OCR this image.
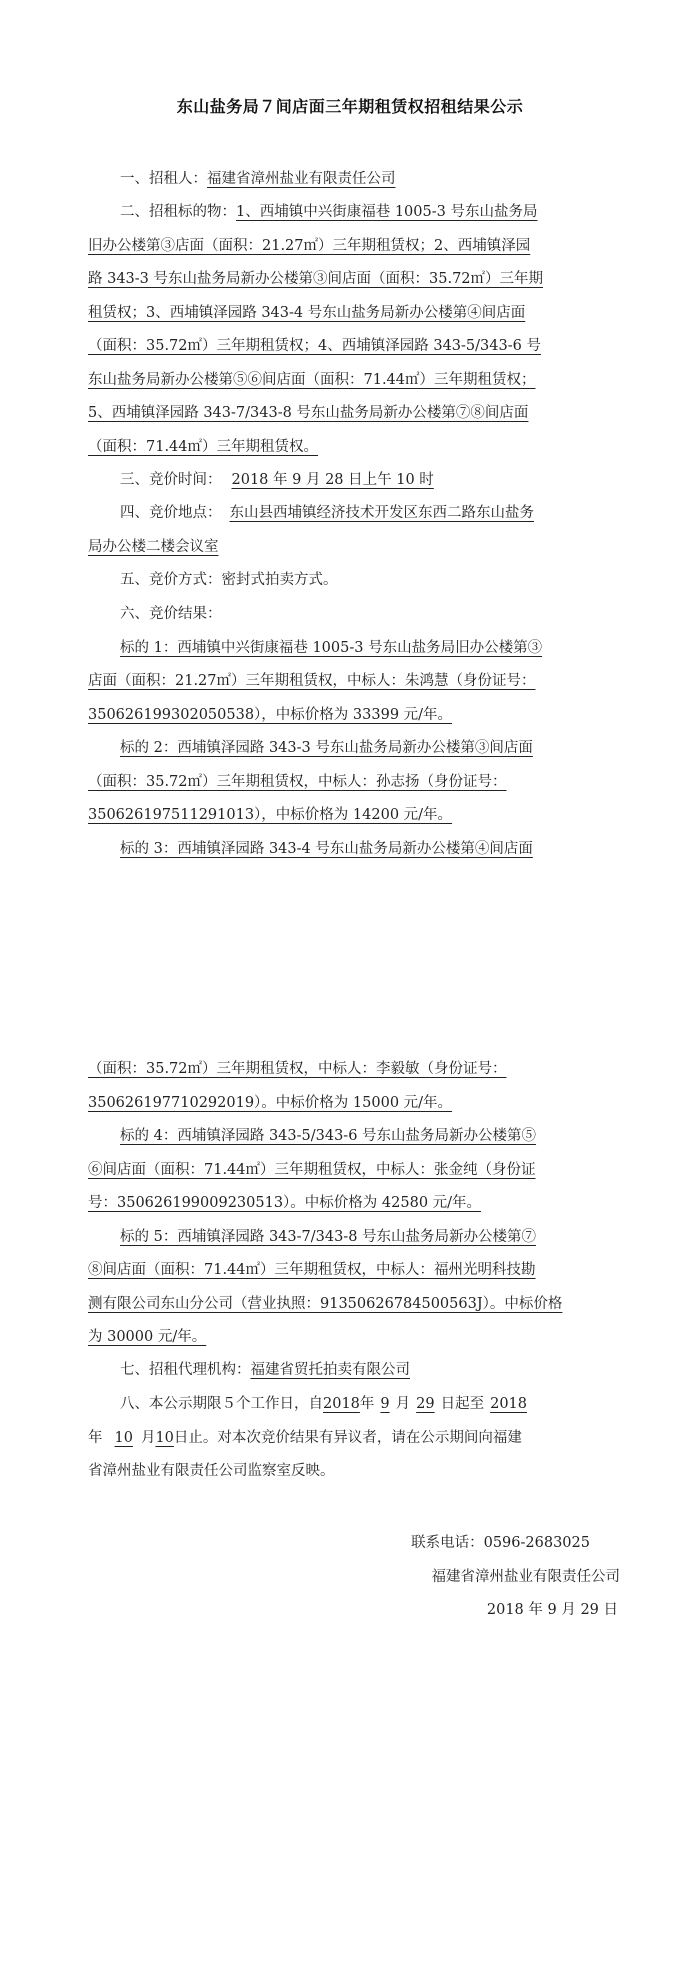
东山盐务局７间店面三年期租赁权招租结果公示
一、招租人：福建省漳州盐业有限责任公司
二、招租标的物：1、西埔镇中兴街康福巷 1005-3 号东山盐务局
旧办公楼第③店面（面积：21.27㎡）三年期租赁权；2、西埔镇泽园
路 343-3 号东山盐务局新办公楼第③间店面（面积：35.72㎡）三年期
租赁权；3、西埔镇泽园路 343-4 号东山盐务局新办公楼第④间店面
（面积：35.72㎡）三年期租赁权；4、西埔镇泽园路 343-5/343-6 号
东山盐务局新办公楼第⑤⑥间店面（面积：71.44㎡）三年期租赁权；
5、西埔镇泽园路 343-7/343-8 号东山盐务局新办公楼第⑦⑧间店面
（面积：71.44㎡）三年期租赁权。
三、竞价时间： 2018 年 9 月 28 日上午 10 时
四、竞价地点： 东山县西埔镇经济技术开发区东西二路东山盐务
局办公楼二楼会议室
五、竞价方式：密封式拍卖方式。
六、竞价结果：
标的 1：西埔镇中兴街康福巷 1005-3 号东山盐务局旧办公楼第③
店面（面积：21.27㎡）三年期租赁权，中标人：朱鸿慧（身份证号：
350626199302050538），中标价格为 33399 元/年。
标的 2：西埔镇泽园路 343-3 号东山盐务局新办公楼第③间店面
（面积：35.72㎡）三年期租赁权，中标人：孙志扬（身份证号：
350626197511291013），中标价格为 14200 元/年。
标的 3：西埔镇泽园路 343-4 号东山盐务局新办公楼第④间店面
（面积：35.72㎡）三年期租赁权，中标人：李毅敏（身份证号：
350626197710292019）。中标价格为 15000 元/年。
标的 4：西埔镇泽园路 343-5/343-6 号东山盐务局新办公楼第⑤
⑥间店面（面积：71.44㎡）三年期租赁权，中标人：张金纯（身份证
号：350626199009230513）。中标价格为 42580 元/年。
标的 5：西埔镇泽园路 343-7/343-8 号东山盐务局新办公楼第⑦
⑧间店面（面积：71.44㎡）三年期租赁权，中标人：福州光明科技勘
测有限公司东山分公司（营业执照：91350626784500563J）。中标价格
为 30000 元/年。
七、招租代理机构：福建省贸托拍卖有限公司
八、本公示期限５个工作日，自2018年 9 月 29 日起至 2018
年 10 月10日止。对本次竞价结果有异议者，请在公示期间向福建
省漳州盐业有限责任公司监察室反映。
联系电话：0596-2683025
福建省漳州盐业有限责任公司
2018 年 9 月 29 日
